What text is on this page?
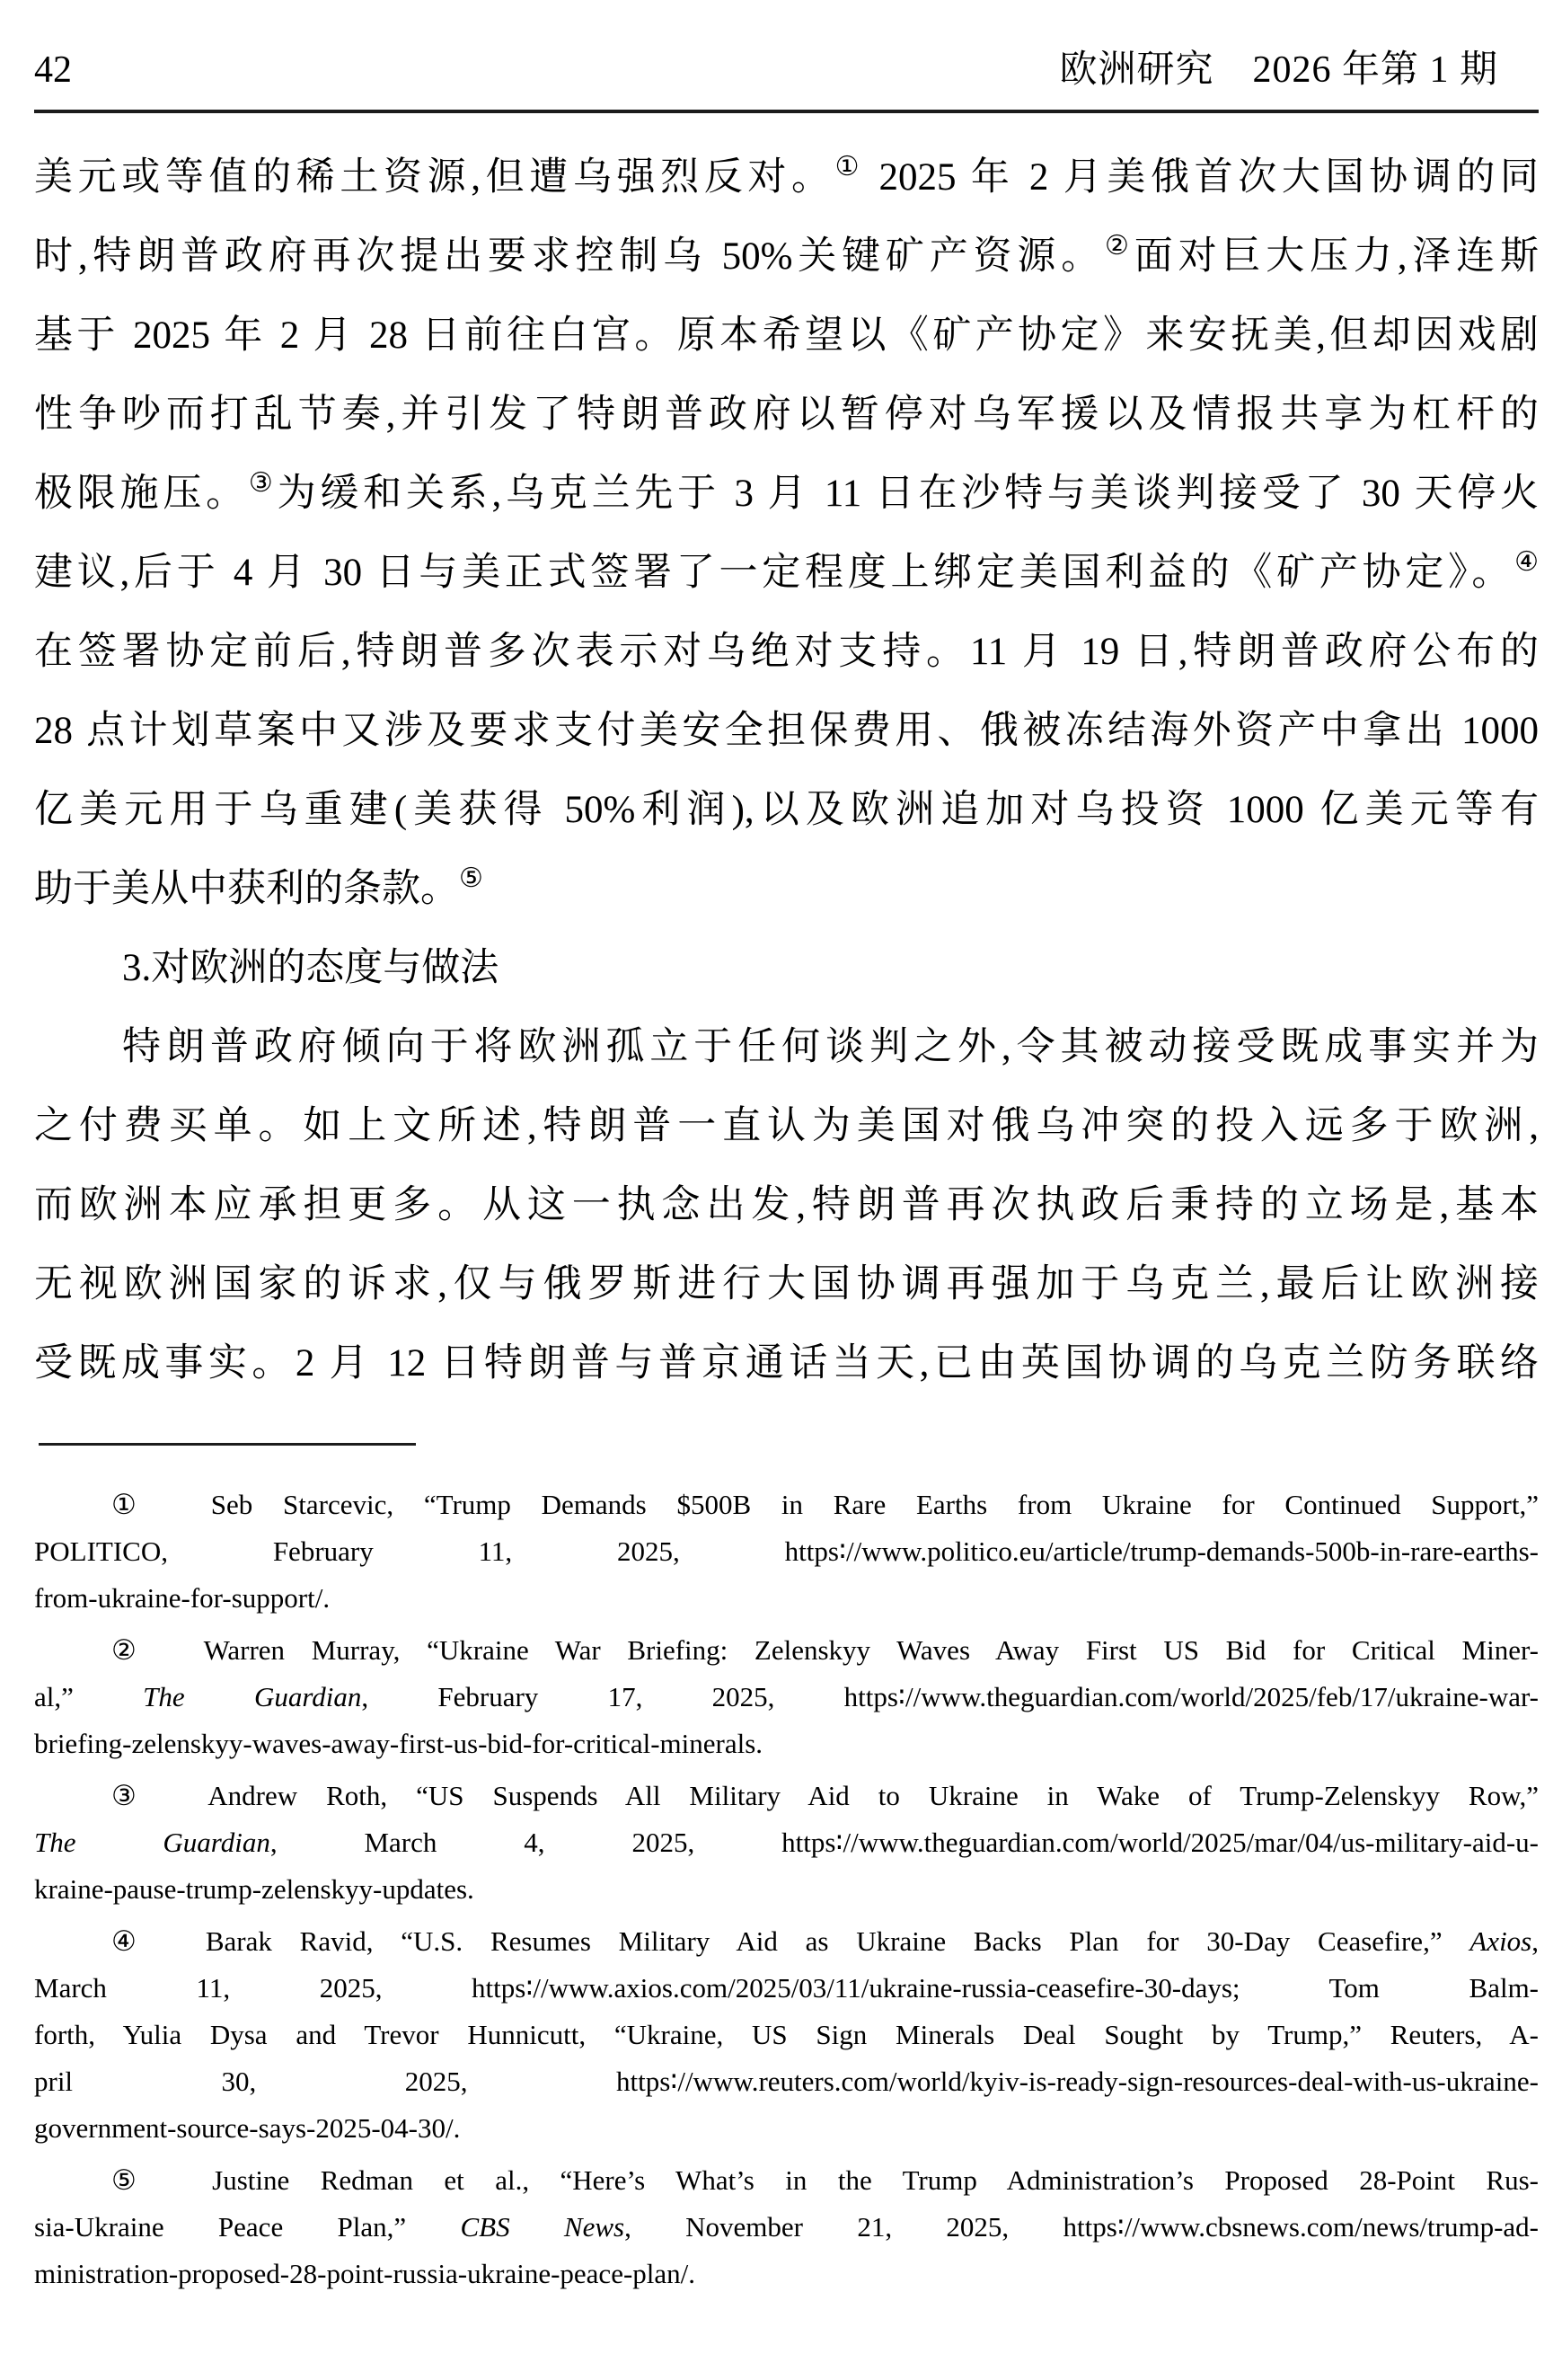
42	欧洲研究　2026 年第 1 期
美元或等值的稀土资源,但遭乌强烈反对。① 2025 年 2 月美俄首次大国协调的同
时,特朗普政府再次提出要求控制乌 50%关键矿产资源。②面对巨大压力,泽连斯
基于 2025 年 2 月 28 日前往白宫。原本希望以《矿产协定》来安抚美,但却因戏剧
性争吵而打乱节奏,并引发了特朗普政府以暂停对乌军援以及情报共享为杠杆的
极限施压。③为缓和关系,乌克兰先于 3 月 11 日在沙特与美谈判接受了 30 天停火
建议,后于 4 月 30 日与美正式签署了一定程度上绑定美国利益的《矿产协定》。④
在签署协定前后,特朗普多次表示对乌绝对支持。11 月 19 日,特朗普政府公布的
28 点计划草案中又涉及要求支付美安全担保费用、俄被冻结海外资产中拿出 1000
亿美元用于乌重建(美获得 50%利润),以及欧洲追加对乌投资 1000 亿美元等有
助于美从中获利的条款。⑤
3.对欧洲的态度与做法
特朗普政府倾向于将欧洲孤立于任何谈判之外,令其被动接受既成事实并为
之付费买单。如上文所述,特朗普一直认为美国对俄乌冲突的投入远多于欧洲,
而欧洲本应承担更多。从这一执念出发,特朗普再次执政后秉持的立场是,基本
无视欧洲国家的诉求,仅与俄罗斯进行大国协调再强加于乌克兰,最后让欧洲接
受既成事实。2 月 12 日特朗普与普京通话当天,已由英国协调的乌克兰防务联络
①　Seb Starcevic, “Trump Demands $500B in Rare Earths from Ukraine for Continued Support,”
POLITICO, February 11, 2025, https∶//www.politico.eu/article/trump-demands-500b-in-rare-earths-
from-ukraine-for-support/.
②　Warren Murray, “Ukraine War Briefing: Zelenskyy Waves Away First US Bid for Critical Miner-
al,” The Guardian, February 17, 2025, https∶//www.theguardian.com/world/2025/feb/17/ukraine-war-
briefing-zelenskyy-waves-away-first-us-bid-for-critical-minerals.
③　Andrew Roth, “US Suspends All Military Aid to Ukraine in Wake of Trump-Zelenskyy Row,”
The Guardian, March 4, 2025, https∶//www.theguardian.com/world/2025/mar/04/us-military-aid-u-
kraine-pause-trump-zelenskyy-updates.
④　Barak Ravid, “U.S. Resumes Military Aid as Ukraine Backs Plan for 30-Day Ceasefire,” Axios,
March 11, 2025, https∶//www.axios.com/2025/03/11/ukraine-russia-ceasefire-30-days; Tom Balm-
forth, Yulia Dysa and Trevor Hunnicutt, “Ukraine, US Sign Minerals Deal Sought by Trump,” Reuters, A-
pril 30, 2025, https∶//www.reuters.com/world/kyiv-is-ready-sign-resources-deal-with-us-ukraine-
government-source-says-2025-04-30/.
⑤　Justine Redman et al., “Here’s What’s in the Trump Administration’s Proposed 28-Point Rus-
sia-Ukraine Peace Plan,” CBS News, November 21, 2025, https∶//www.cbsnews.com/news/trump-ad-
ministration-proposed-28-point-russia-ukraine-peace-plan/.
